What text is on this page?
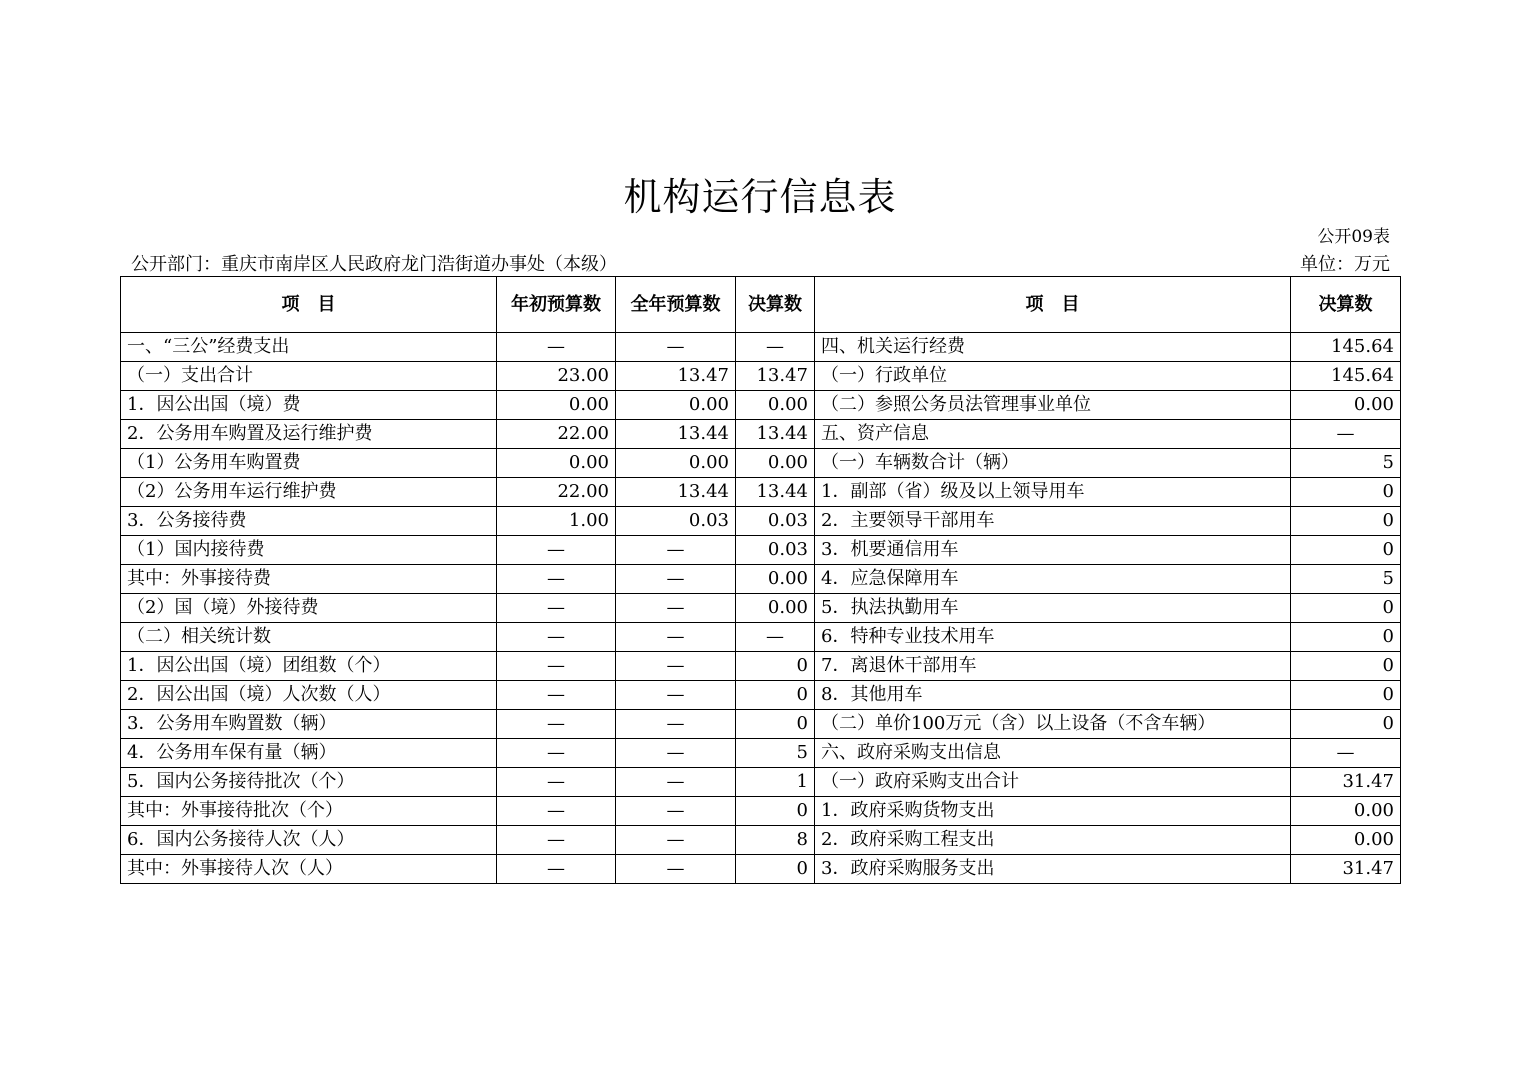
机构运行信息表
公开09表
公开部门：重庆市南岸区人民政府龙门浩街道办事处（本级）	单位：万元
项　目	年初预算数	全年预算数	决算数	项　目	决算数
一、“三公”经费支出	—	—	—	四、机关运行经费	145.64
（一）支出合计	23.00	13.47	13.47	（一）行政单位	145.64
1．因公出国（境）费	0.00	0.00	0.00	（二）参照公务员法管理事业单位	0.00
2．公务用车购置及运行维护费	22.00	13.44	13.44	五、资产信息	—
（1）公务用车购置费	0.00	0.00	0.00	（一）车辆数合计（辆）	5
（2）公务用车运行维护费	22.00	13.44	13.44	1．副部（省）级及以上领导用车	0
3．公务接待费	1.00	0.03	0.03	2．主要领导干部用车	0
（1）国内接待费	—	—	0.03	3．机要通信用车	0
其中：外事接待费	—	—	0.00	4．应急保障用车	5
（2）国（境）外接待费	—	—	0.00	5．执法执勤用车	0
（二）相关统计数	—	—	—	6．特种专业技术用车	0
1．因公出国（境）团组数（个）	—	—	0	7．离退休干部用车	0
2．因公出国（境）人次数（人）	—	—	0	8．其他用车	0
3．公务用车购置数（辆）	—	—	0	（二）单价100万元（含）以上设备（不含车辆）	0
4．公务用车保有量（辆）	—	—	5	六、政府采购支出信息	—
5．国内公务接待批次（个）	—	—	1	（一）政府采购支出合计	31.47
其中：外事接待批次（个）	—	—	0	1．政府采购货物支出	0.00
6．国内公务接待人次（人）	—	—	8	2．政府采购工程支出	0.00
其中：外事接待人次（人）	—	—	0	3．政府采购服务支出	31.47
